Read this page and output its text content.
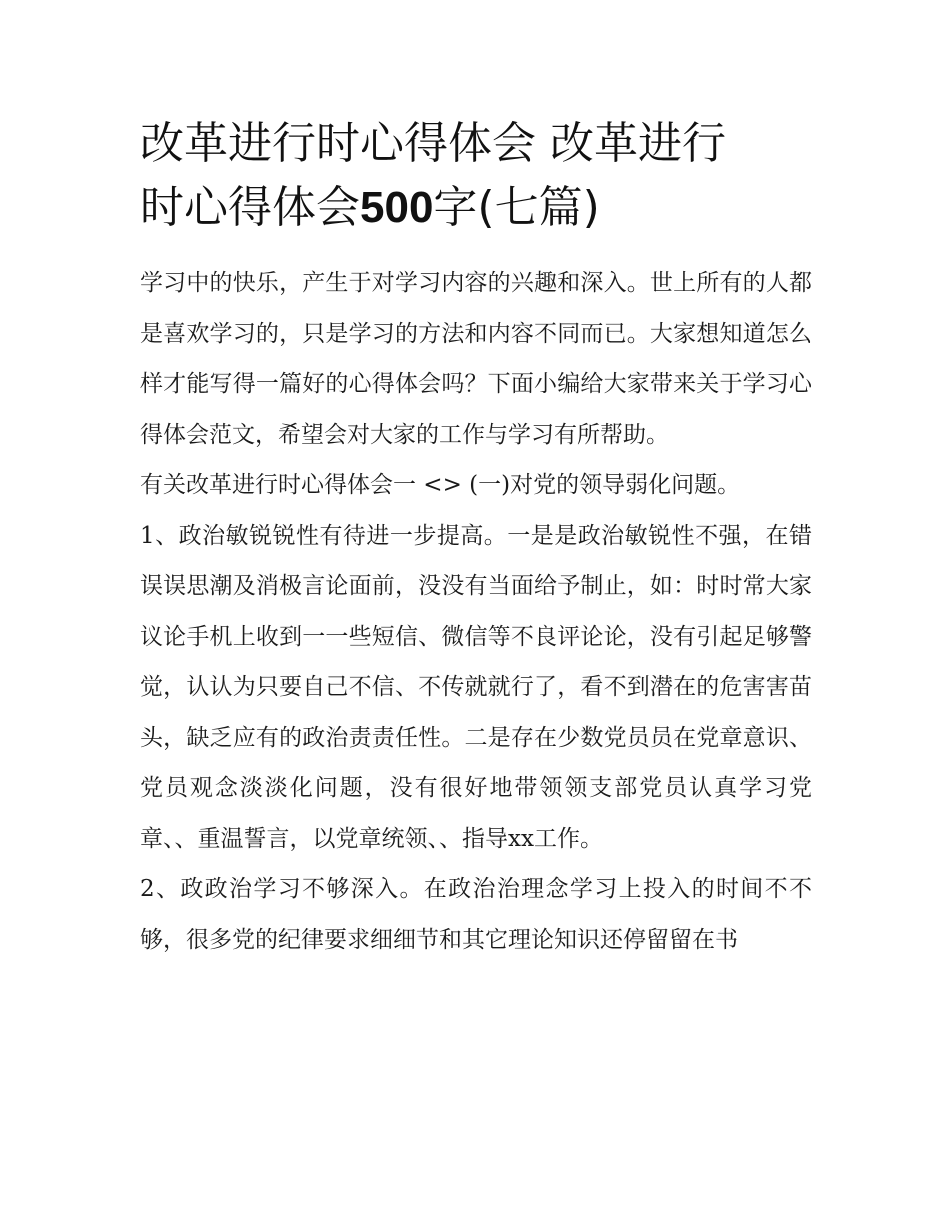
改革进行时心得体会 改革进行
时心得体会500字(七篇)

学习中的快乐，产生于对学习内容的兴趣和深入。世上所有的人都是喜欢学习的，只是学习的方法和内容不同而已。大家想知道怎么样才能写得一篇好的心得体会吗？下面小编给大家带来关于学习心得体会范文，希望会对大家的工作与学习有所帮助。

有关改革进行时心得体会一 <> (一)对党的领导弱化问题。

1、政治敏锐锐性有待进一步提高。一是是政治敏锐性不强，在错误误思潮及消极言论面前，没没有当面给予制止，如：时时常大家议论手机上收到一一些短信、微信等不良评论论，没有引起足够警觉，认认为只要自己不信、不传就就行了，看不到潜在的危害害苗头，缺乏应有的政治责责任性。二是存在少数党员员在党章意识、党员观念淡淡化问题，没有很好地带领领支部党员认真学习党章、、重温誓言，以党章统领、、指导xx工作。

2、政政治学习不够深入。在政治治理念学习上投入的时间不不够，很多党的纪律要求细细节和其它理论知识还停留留在书
